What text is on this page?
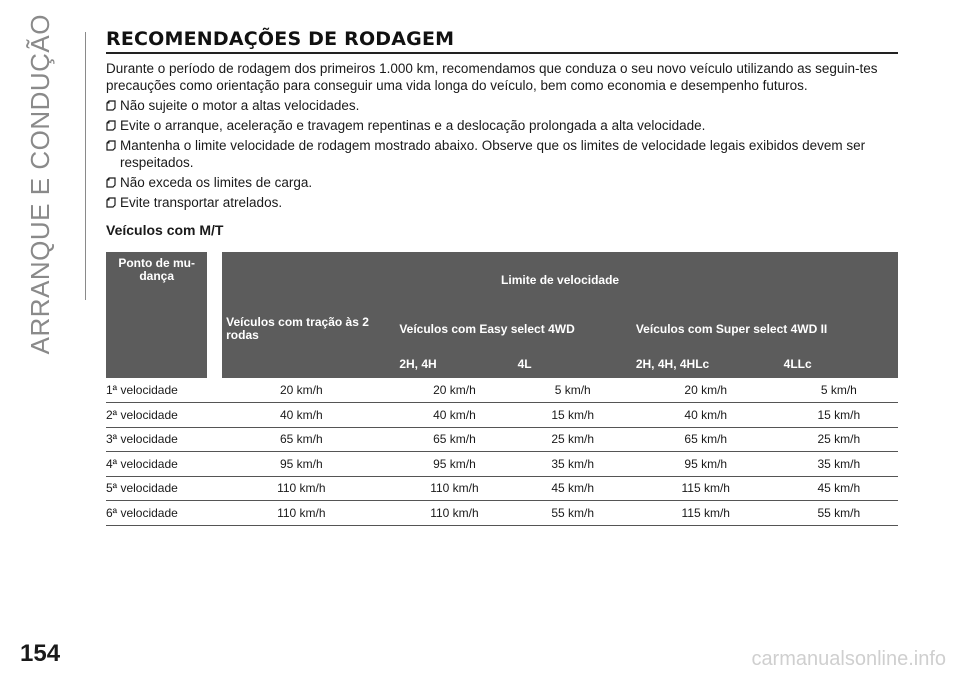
ARRANQUE E CONDUÇÃO	RECOMENDAÇÕES DE RODAGEM

Durante o período de rodagem dos primeiros 1.000 km, recomendamos que conduza o seu novo veículo utilizando as seguin-tes precauções como orientação para conseguir uma vida longa do veículo, bem como economia e desempenho futuros.

Não sujeite o motor a altas velocidades.
Evite o arranque, aceleração e travagem repentinas e a deslocação prolongada a alta velocidade.
Mantenha o limite velocidade de rodagem mostrado abaixo. Observe que os limites de velocidade legais exibidos devem ser respeitados.
Não exceda os limites de carga.
Evite transportar atrelados.
Veículos com M/T
Ponto de mu-dança		Limite de velocidade				
		Veículos com tração às 2 rodas	Veículos com Easy select 4WD		Veículos com Super select 4WD II	
			2H, 4H	4L	2H, 4H, 4HLc	4LLc
1ª velocidade	20 km/h		20 km/h	5 km/h	20 km/h	5 km/h
2ª velocidade	40 km/h		40 km/h	15 km/h	40 km/h	15 km/h
3ª velocidade	65 km/h		65 km/h	25 km/h	65 km/h	25 km/h
4ª velocidade	95 km/h		95 km/h	35 km/h	95 km/h	35 km/h
5ª velocidade	110 km/h		110 km/h	45 km/h	115 km/h	45 km/h
6ª velocidade	110 km/h		110 km/h	55 km/h	115 km/h	55 km/h
154	carmanualsonline.info
